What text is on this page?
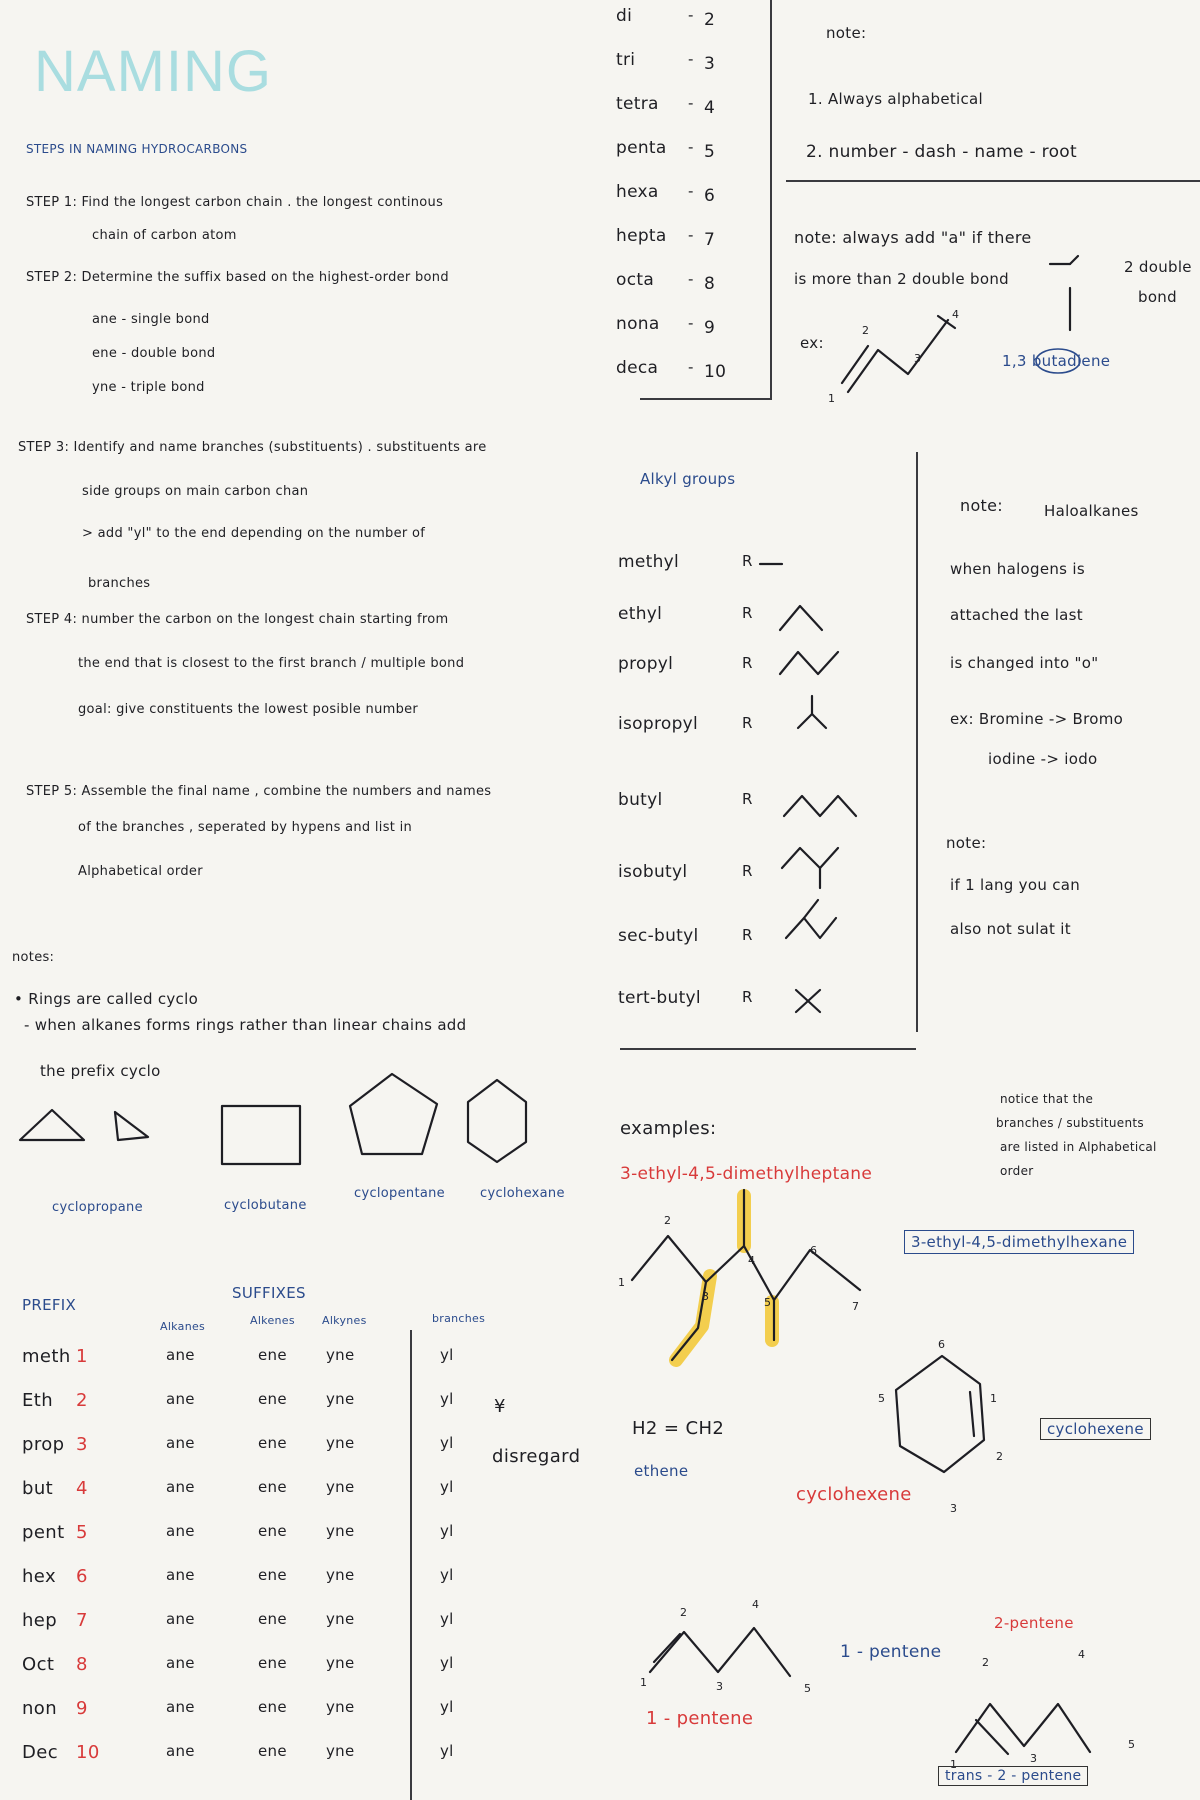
NAMING
STEPS IN NAMING HYDROCARBONS
STEP 1: Find the longest carbon chain . the longest continous
chain of carbon atom
STEP 2: Determine the suffix based on the highest-order bond
ane - single bond
ene - double bond
yne - triple bond
STEP 3: Identify and name branches (substituents) . substituents are
side groups on main carbon chan
> add "yl" to the end depending on the number of
branches
STEP 4: number the carbon on the longest chain starting from
the end that is closest to the first branch / multiple bond
goal: give constituents the lowest posible number
STEP 5: Assemble the final name , combine the numbers and names
of the branches , seperated by hypens and list in
Alphabetical order
notes:
• Rings are called cyclo
- when alkanes forms rings rather than linear chains add
the prefix cyclo
cyclopropane	cyclobutane
cyclopentane	cyclohexane
PREFIX
SUFFIXES
Alkanes	Alkenes Alkynes	branches
meth 1	ane	ene	yne	yl
Eth 2	ane	ene	yne	yl
prop 3	ane	ene	yne	yl
but 4	ane	ene	yne	yl
pent 5	ane	ene	yne	yl
hex 6	ane	ene	yne	yl
hep 7	ane	ene	yne	yl
Oct 8	ane	ene	yne	yl
non 9	ane	ene	yne	yl
Dec 10	ane	ene	yne	yl
¥
disregard
di	- 2
tri	- 3
tetra - 4
penta - 5
hexa - 6
hepta - 7
octa - 8
nona - 9
deca - 10
note:
1. Always alphabetical
2. number - dash - name - root
note: always add "a" if there
is more than 2 double bond
ex:
2 double
bond
1,3 butadiene
2
4
3
1
Alkyl groups
methyl	R
ethyl	R
propyl	R
isopropyl	R
butyl	R
isobutyl	R
sec-butyl	R
tert-butyl	R
note:	Haloalkanes
when halogens is
attached the last
is changed into "o"
ex: Bromine -> Bromo
iodine -> iodo
note:
if 1 lang you can
also not sulat it
examples:
3-ethyl-4,5-dimethylheptane
notice that the
branches / substituents
are listed in Alphabetical
order
3-ethyl-4,5-dimethylhexane
1
2
3
4
5
6
7
H2 = CH2
ethene
6
5	1
2
3
cyclohexene
cyclohexene
2
4
1	3	5
1 - pentene
1 - pentene
2-pentene
2
4
1	3
5
trans - 2 - pentene
